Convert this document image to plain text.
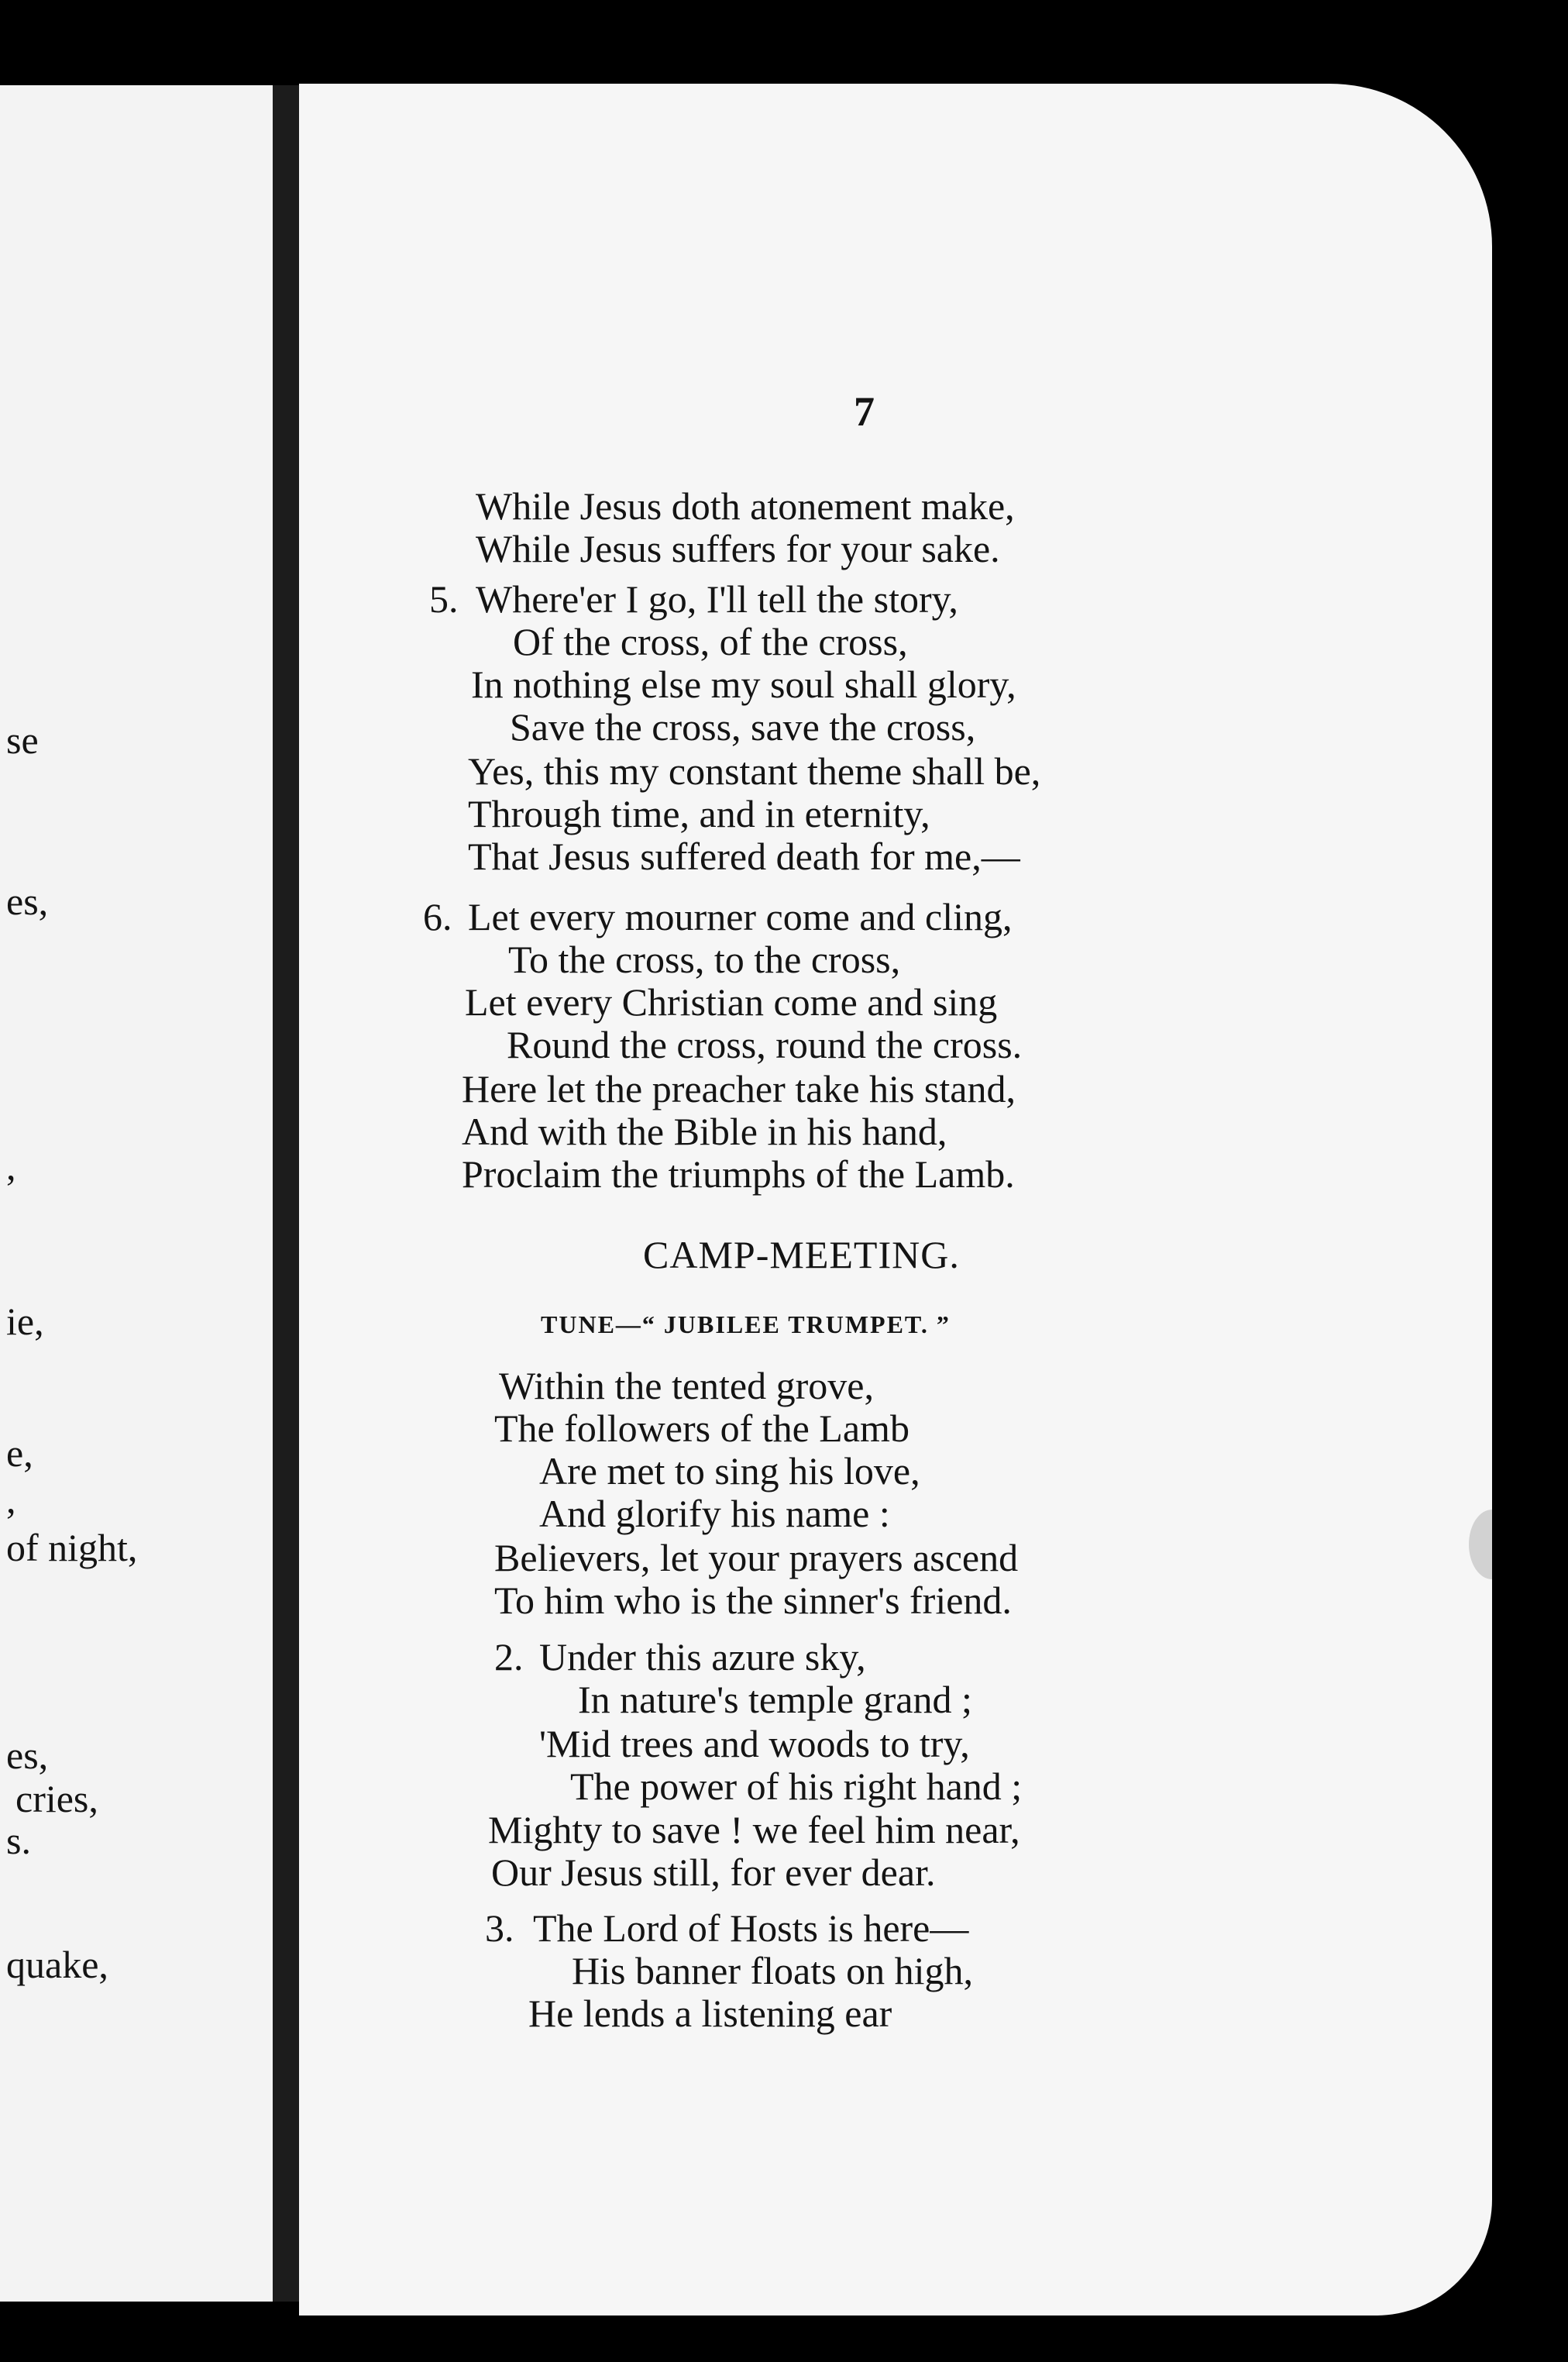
se
es,
,
ie,
e,
,
of night,
es,
cries,
s.
quake,
7
While Jesus doth atonement make,
While Jesus suffers for your sake.
5. Where'er I go, I'll tell the story,
Of the cross, of the cross,
In nothing else my soul shall glory,
Save the cross, save the cross,
Yes, this my constant theme shall be,
Through time, and in eternity,
That Jesus suffered death for me,—
6. Let every mourner come and cling,
To the cross, to the cross,
Let every Christian come and sing
Round the cross, round the cross.
Here let the preacher take his stand,
And with the Bible in his hand,
Proclaim the triumphs of the Lamb.
CAMP-MEETING.
TUNE—“ JUBILEE TRUMPET. ”
Within the tented grove,
The followers of the Lamb
Are met to sing his love,
And glorify his name :
Believers, let your prayers ascend
To him who is the sinner's friend.
2. Under this azure sky,
In nature's temple grand ;
'Mid trees and woods to try,
The power of his right hand ;
Mighty to save ! we feel him near,
Our Jesus still, for ever dear.
3. The Lord of Hosts is here—
His banner floats on high,
He lends a listening ear
